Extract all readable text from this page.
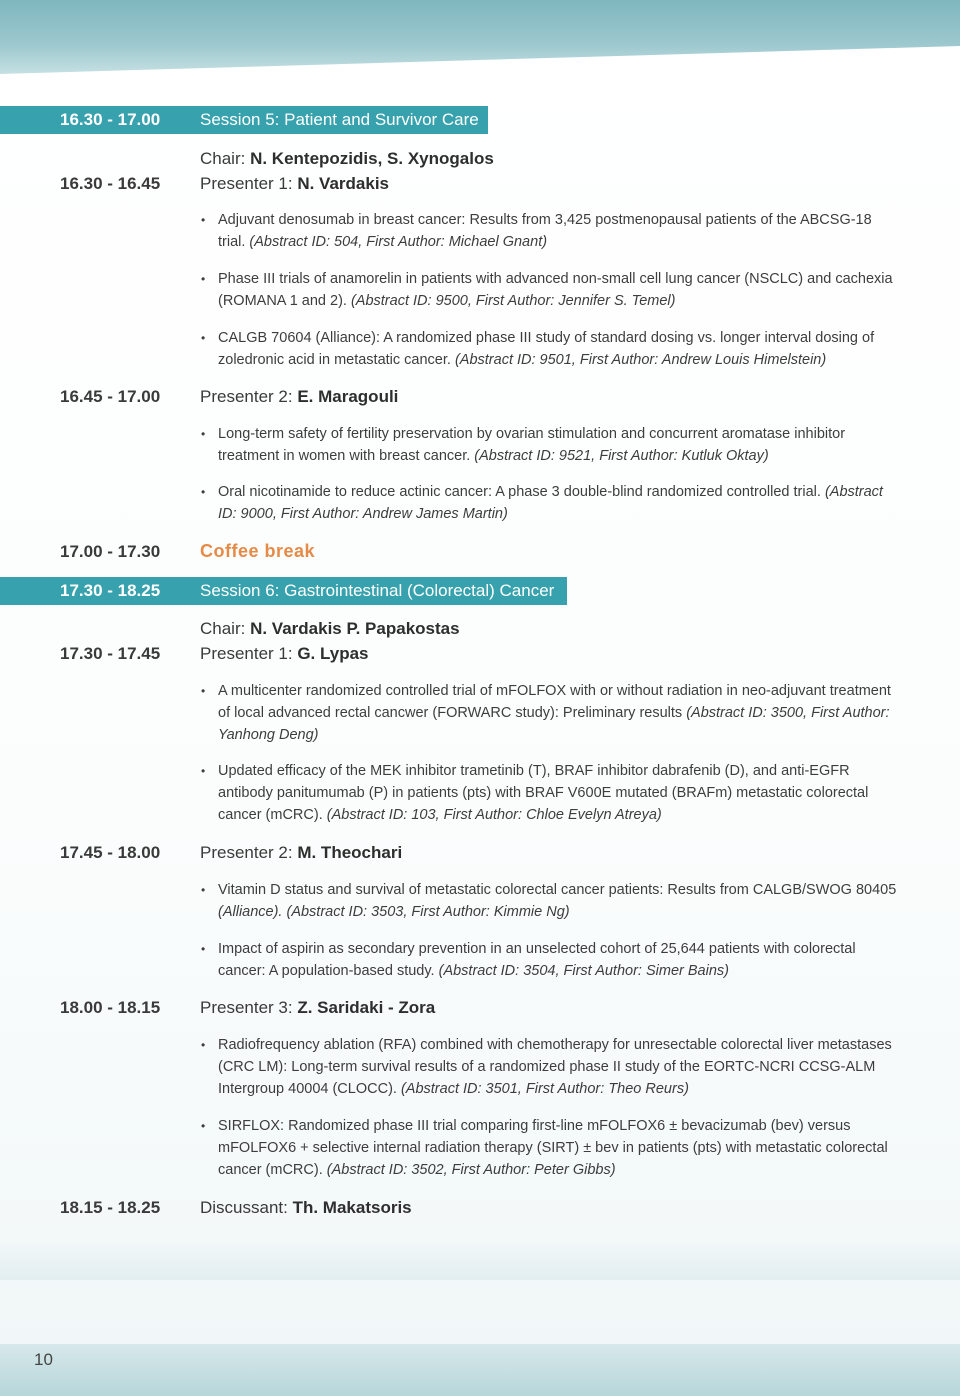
16.30 - 17.00 Session 5: Patient and Survivor Care
Chair: N. Kentepozidis, S. Xynogalos
16.30 - 16.45 Presenter 1: N. Vardakis
• Adjuvant denosumab in breast cancer: Results from 3,425 postmenopausal patients of the ABCSG-18 trial. (Abstract ID: 504, First Author: Michael Gnant)
• Phase III trials of anamorelin in patients with advanced non-small cell lung cancer (NSCLC) and cachexia (ROMANA 1 and 2). (Abstract ID: 9500, First Author: Jennifer S. Temel)
• CALGB 70604 (Alliance): A randomized phase III study of standard dosing vs. longer interval dosing of zoledronic acid in metastatic cancer. (Abstract ID: 9501, First Author: Andrew Louis Himelstein)
16.45 - 17.00 Presenter 2: E. Maragouli
• Long-term safety of fertility preservation by ovarian stimulation and concurrent aromatase inhibitor treatment in women with breast cancer. (Abstract ID: 9521, First Author: Kutluk Oktay)
• Oral nicotinamide to reduce actinic cancer: A phase 3 double-blind randomized controlled trial. (Abstract ID: 9000, First Author: Andrew James Martin)
17.00 - 17.30 Coffee break
17.30 - 18.25 Session 6: Gastrointestinal (Colorectal) Cancer
Chair: N. Vardakis P. Papakostas
17.30 - 17.45 Presenter 1: G. Lypas
• A multicenter randomized controlled trial of mFOLFOX with or without radiation in neo-adjuvant treatment of local advanced rectal cancwer (FORWARC study): Preliminary results (Abstract ID: 3500, First Author: Yanhong Deng)
• Updated efficacy of the MEK inhibitor trametinib (T), BRAF inhibitor dabrafenib (D), and anti-EGFR antibody panitumumab (P) in patients (pts) with BRAF V600E mutated (BRAFm) metastatic colorectal cancer (mCRC). (Abstract ID: 103, First Author: Chloe Evelyn Atreya)
17.45 - 18.00 Presenter 2: M. Theochari
• Vitamin D status and survival of metastatic colorectal cancer patients: Results from CALGB/SWOG 80405 (Alliance). (Abstract ID: 3503, First Author: Kimmie Ng)
• Impact of aspirin as secondary prevention in an unselected cohort of 25,644 patients with colorectal cancer: A population-based study. (Abstract ID: 3504, First Author: Simer Bains)
18.00 - 18.15 Presenter 3: Z. Saridaki - Zora
• Radiofrequency ablation (RFA) combined with chemotherapy for unresectable colorectal liver metastases (CRC LM): Long-term survival results of a randomized phase II study of the EORTC-NCRI CCSG-ALM Intergroup 40004 (CLOCC). (Abstract ID: 3501, First Author: Theo Reurs)
• SIRFLOX: Randomized phase III trial comparing first-line mFOLFOX6 ± bevacizumab (bev) versus mFOLFOX6 + selective internal radiation therapy (SIRT) ± bev in patients (pts) with metastatic colorectal cancer (mCRC). (Abstract ID: 3502, First Author: Peter Gibbs)
18.15 - 18.25 Discussant: Th. Makatsoris
10
